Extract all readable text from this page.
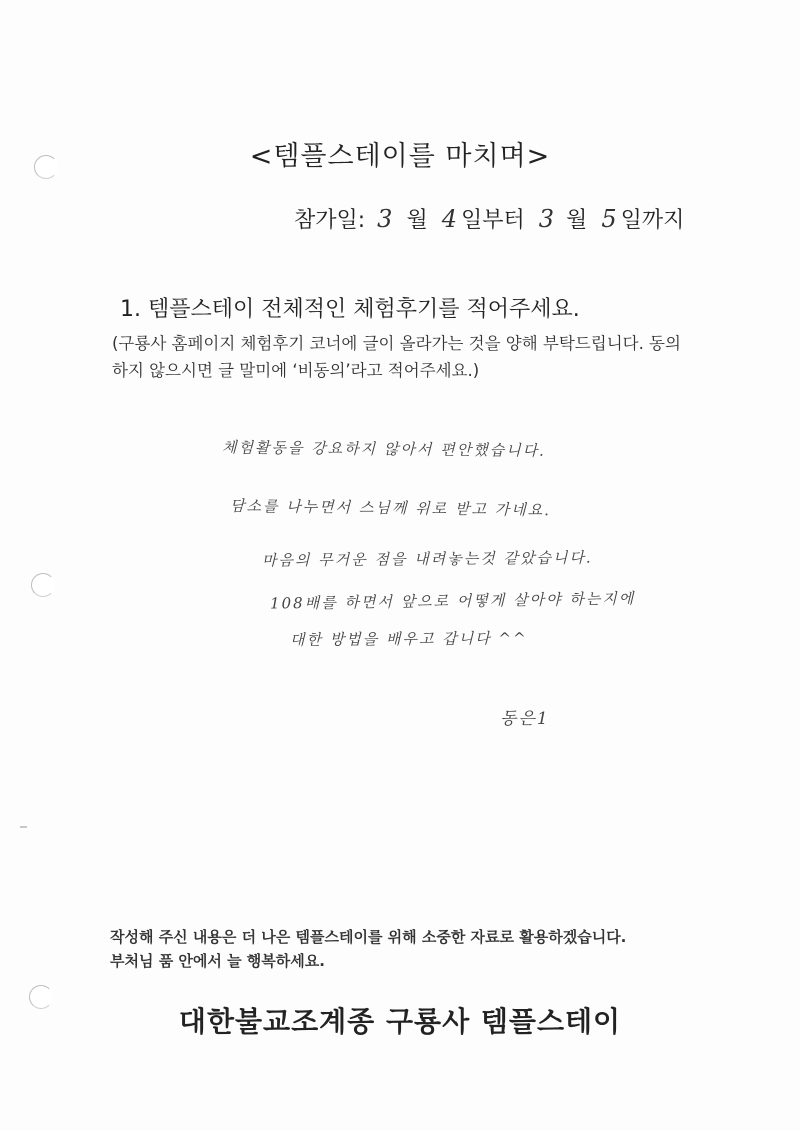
<템플스테이를 마치며>
참가일: 3 월 4 일부터 3 월 5 일까지
1. 템플스테이 전체적인 체험후기를 적어주세요.
(구룡사 홈페이지 체험후기 코너에 글이 올라가는 것을 양해 부탁드립니다. 동의하지 않으시면 글 말미에 ‘비동의’라고 적어주세요.)
체험활동을 강요하지 않아서 편안했습니다.
담소를 나누면서 스님께 위로 받고 가네요.
마음의 무거운 점을 내려놓는것 같았습니다.
108배를 하면서 앞으로 어떻게 살아야 하는지에
대한 방법을 배우고 갑니다 ^^
동은1
작성해 주신 내용은 더 나은 템플스테이를 위해 소중한 자료로 활용하겠습니다.
부처님 품 안에서 늘 행복하세요.
대한불교조계종 구룡사 템플스테이
